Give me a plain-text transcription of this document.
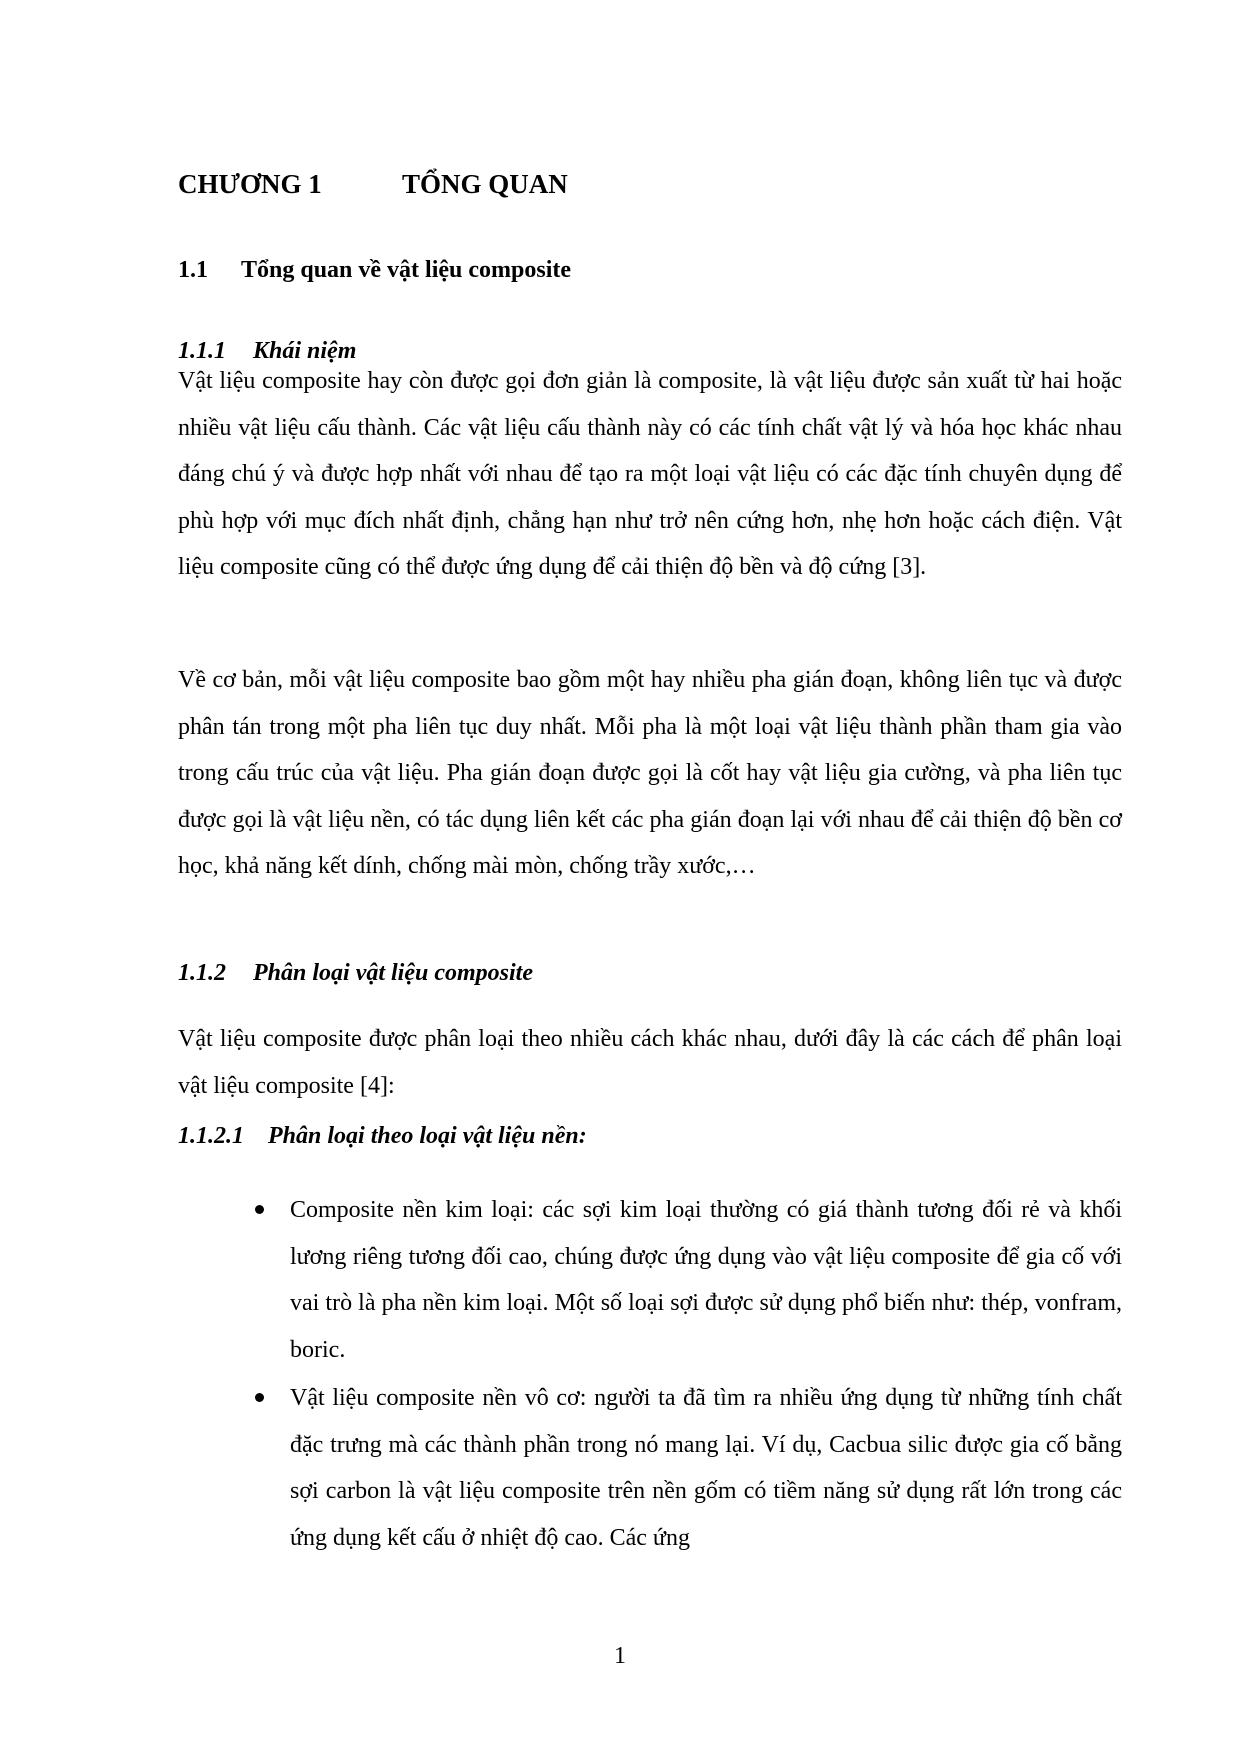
CHƯƠNG 1	TỔNG QUAN
1.1 Tổng quan về vật liệu composite
1.1.1 Khái niệm

Vật liệu composite hay còn được gọi đơn giản là composite, là vật liệu được sản xuất từ hai hoặc nhiều vật liệu cấu thành. Các vật liệu cấu thành này có các tính chất vật lý và hóa học khác nhau đáng chú ý và được hợp nhất với nhau để tạo ra một loại vật liệu có các đặc tính chuyên dụng để phù hợp với mục đích nhất định, chẳng hạn như trở nên cứng hơn, nhẹ hơn hoặc cách điện. Vật liệu composite cũng có thể được ứng dụng để cải thiện độ bền và độ cứng [3].

Về cơ bản, mỗi vật liệu composite bao gồm một hay nhiều pha gián đoạn, không liên tục và được phân tán trong một pha liên tục duy nhất. Mỗi pha là một loại vật liệu thành phần tham gia vào trong cấu trúc của vật liệu. Pha gián đoạn được gọi là cốt hay vật liệu gia cường, và pha liên tục được gọi là vật liệu nền, có tác dụng liên kết các pha gián đoạn lại với nhau để cải thiện độ bền cơ học, khả năng kết dính, chống mài mòn, chống trầy xước,…

1.1.2 Phân loại vật liệu composite

Vật liệu composite được phân loại theo nhiều cách khác nhau, dưới đây là các cách để phân loại vật liệu composite [4]:

1.1.2.1 Phân loại theo loại vật liệu nền:
Composite nền kim loại: các sợi kim loại thường có giá thành tương đối rẻ và khối lương riêng tương đối cao, chúng được ứng dụng vào vật liệu composite để gia cố với vai trò là pha nền kim loại. Một số loại sợi được sử dụng phổ biến như: thép, vonfram, boric.
Vật liệu composite nền vô cơ: người ta đã tìm ra nhiều ứng dụng từ những tính chất đặc trưng mà các thành phần trong nó mang lại. Ví dụ, Cacbua silic được gia cố bằng sợi carbon là vật liệu composite trên nền gốm có tiềm năng sử dụng rất lớn trong các ứng dụng kết cấu ở nhiệt độ cao. Các ứng

1
